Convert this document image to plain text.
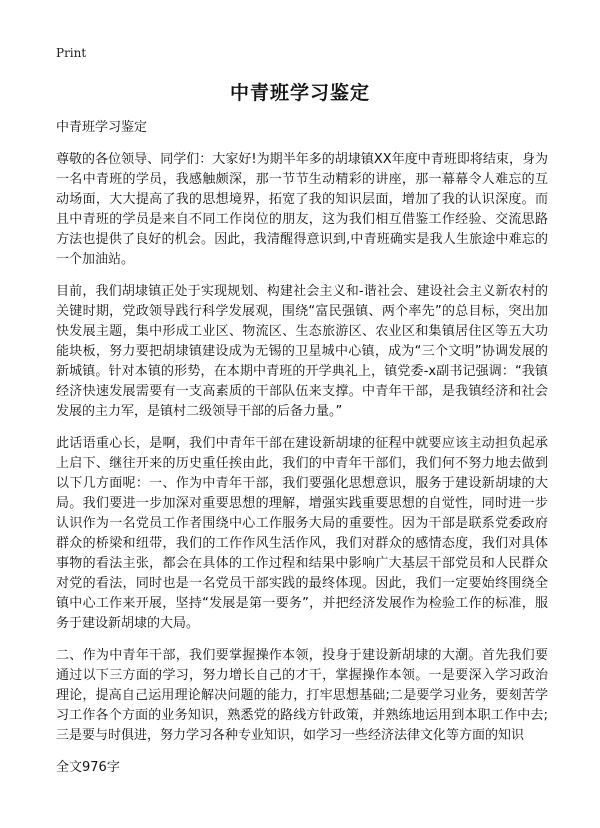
Print
中青班学习鉴定

中青班学习鉴定

尊敬的各位领导、同学们：大家好!为期半年多的胡埭镇XX年度中青班即将结束，身为一名中青班的学员，我感触颇深，那一节节生动精彩的讲座，那一幕幕令人难忘的互动场面，大大提高了我的思想境界，拓宽了我的知识层面，增加了我的认识深度。而且中青班的学员是来自不同工作岗位的朋友，这为我们相互借鉴工作经验、交流思路方法也提供了良好的机会。因此，我清醒得意识到,中青班确实是我人生旅途中难忘的一个加油站。

目前，我们胡埭镇正处于实现规划、构建社会主义和-谐社会、建设社会主义新农村的关键时期，党政领导践行科学发展观，围绕“富民强镇、两个率先”的总目标，突出加快发展主题，集中形成工业区、物流区、生态旅游区、农业区和集镇居住区等五大功能块板，努力要把胡埭镇建设成为无锡的卫星城中心镇，成为“三个文明”协调发展的新城镇。针对本镇的形势，在本期中青班的开学典礼上，镇党委-x副书记强调：“我镇经济快速发展需要有一支高素质的干部队伍来支撑。中青年干部，是我镇经济和社会发展的主力军，是镇村二级领导干部的后备力量。”

此话语重心长，是啊，我们中青年干部在建设新胡埭的征程中就要应该主动担负起承上启下、继往开来的历史重任挨由此，我们的中青年干部们，我们何不努力地去做到以下几方面呢：一、作为中青年干部，我们要强化思想意识，服务于建设新胡埭的大局。我们要进一步加深对重要思想的理解，增强实践重要思想的自觉性，同时进一步认识作为一名党员工作者围绕中心工作服务大局的重要性。因为干部是联系党委政府群众的桥梁和纽带，我们的工作作风生活作风，我们对群众的感情态度，我们对具体事物的看法主张，都会在具体的工作过程和结果中影响广大基层干部党员和人民群众对党的看法，同时也是一名党员干部实践的最终体现。因此，我们一定要始终围绕全镇中心工作来开展，坚持“发展是第一要务”，并把经济发展作为检验工作的标准，服务于建设新胡埭的大局。

二、作为中青年干部，我们要掌握操作本领，投身于建设新胡埭的大潮。首先我们要通过以下三方面的学习，努力增长自己的才干，掌握操作本领。一是要深入学习政治理论，提高自己运用理论解决问题的能力，打牢思想基础;二是要学习业务，要刻苦学习工作各个方面的业务知识，熟悉党的路线方针政策，并熟练地运用到本职工作中去;三是要与时俱进，努力学习各种专业知识，如学习一些经济法律文化等方面的知识

全文976字
